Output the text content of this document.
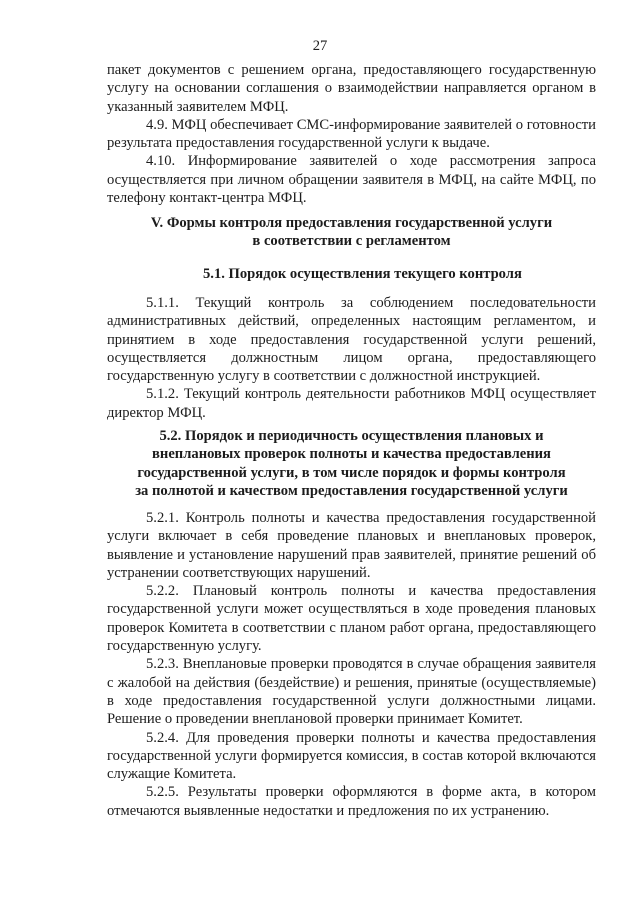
27

пакет документов с решением органа, предоставляющего государственную услугу на основании соглашения о взаимодействии направляется органом в указанный заявителем МФЦ.

4.9. МФЦ обеспечивает СМС-информирование заявителей о готовности результата предоставления государственной услуги к выдаче.

4.10. Информирование заявителей о ходе рассмотрения запроса осуществляется при личном обращении заявителя в МФЦ, на сайте МФЦ, по телефону контакт-центра МФЦ.

V. Формы контроля предоставления государственной услуги
в соответствии с регламентом
5.1. Порядок осуществления текущего контроля

5.1.1. Текущий контроль за соблюдением последовательности административных действий, определенных настоящим регламентом, и принятием в ходе предоставления государственной услуги решений, осуществляется должностным лицом органа, предоставляющего государственную услугу в соответствии с должностной инструкцией.

5.1.2. Текущий контроль деятельности работников МФЦ осуществляет директор МФЦ.

5.2. Порядок и периодичность осуществления плановых и
внеплановых проверок полноты и качества предоставления
государственной услуги, в том числе порядок и формы контроля
за полнотой и качеством предоставления государственной услуги

5.2.1. Контроль полноты и качества предоставления государственной услуги включает в себя проведение плановых и внеплановых проверок, выявление и установление нарушений прав заявителей, принятие решений об устранении соответствующих нарушений.

5.2.2. Плановый контроль полноты и качества предоставления государственной услуги может осуществляться в ходе проведения плановых проверок Комитета в соответствии с планом работ органа, предоставляющего государственную услугу.

5.2.3. Внеплановые проверки проводятся в случае обращения заявителя с жалобой на действия (бездействие) и решения, принятые (осуществляемые) в ходе предоставления государственной услуги должностными лицами. Решение о проведении внеплановой проверки принимает Комитет.

5.2.4. Для проведения проверки полноты и качества предоставления государственной услуги формируется комиссия, в состав которой включаются служащие Комитета.

5.2.5. Результаты проверки оформляются в форме акта, в котором отмечаются выявленные недостатки и предложения по их устранению.
